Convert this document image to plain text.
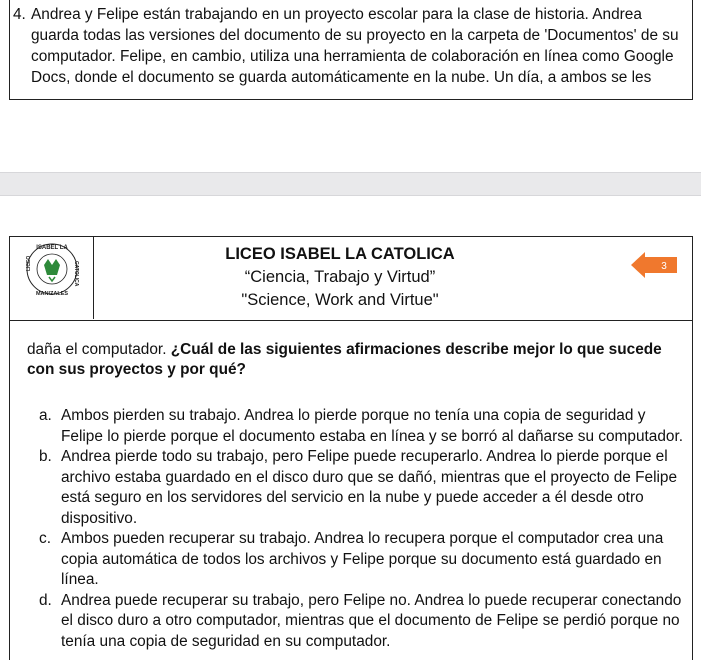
4. Andrea y Felipe están trabajando en un proyecto escolar para la clase de historia. Andrea guarda todas las versiones del documento de su proyecto en la carpeta de 'Documentos' de su computador. Felipe, en cambio, utiliza una herramienta de colaboración en línea como Google Docs, donde el documento se guarda automáticamente en la nube. Un día, a ambos se les
ISABEL LA
MANIZALES
LICEO	CATOLICA
LICEO ISABEL LA CATOLICA
“Ciencia, Trabajo y Virtud”
"Science, Work and Virtue"
3
daña el computador. ¿Cuál de las siguientes afirmaciones describe mejor lo que sucede con sus proyectos y por qué?
a. Ambos pierden su trabajo. Andrea lo pierde porque no tenía una copia de seguridad y Felipe lo pierde porque el documento estaba en línea y se borró al dañarse su computador.
b. Andrea pierde todo su trabajo, pero Felipe puede recuperarlo. Andrea lo pierde porque el archivo estaba guardado en el disco duro que se dañó, mientras que el proyecto de Felipe está seguro en los servidores del servicio en la nube y puede acceder a él desde otro dispositivo.
c. Ambos pueden recuperar su trabajo. Andrea lo recupera porque el computador crea una copia automática de todos los archivos y Felipe porque su documento está guardado en línea.
d. Andrea puede recuperar su trabajo, pero Felipe no. Andrea lo puede recuperar conectando el disco duro a otro computador, mientras que el documento de Felipe se perdió porque no tenía una copia de seguridad en su computador.
